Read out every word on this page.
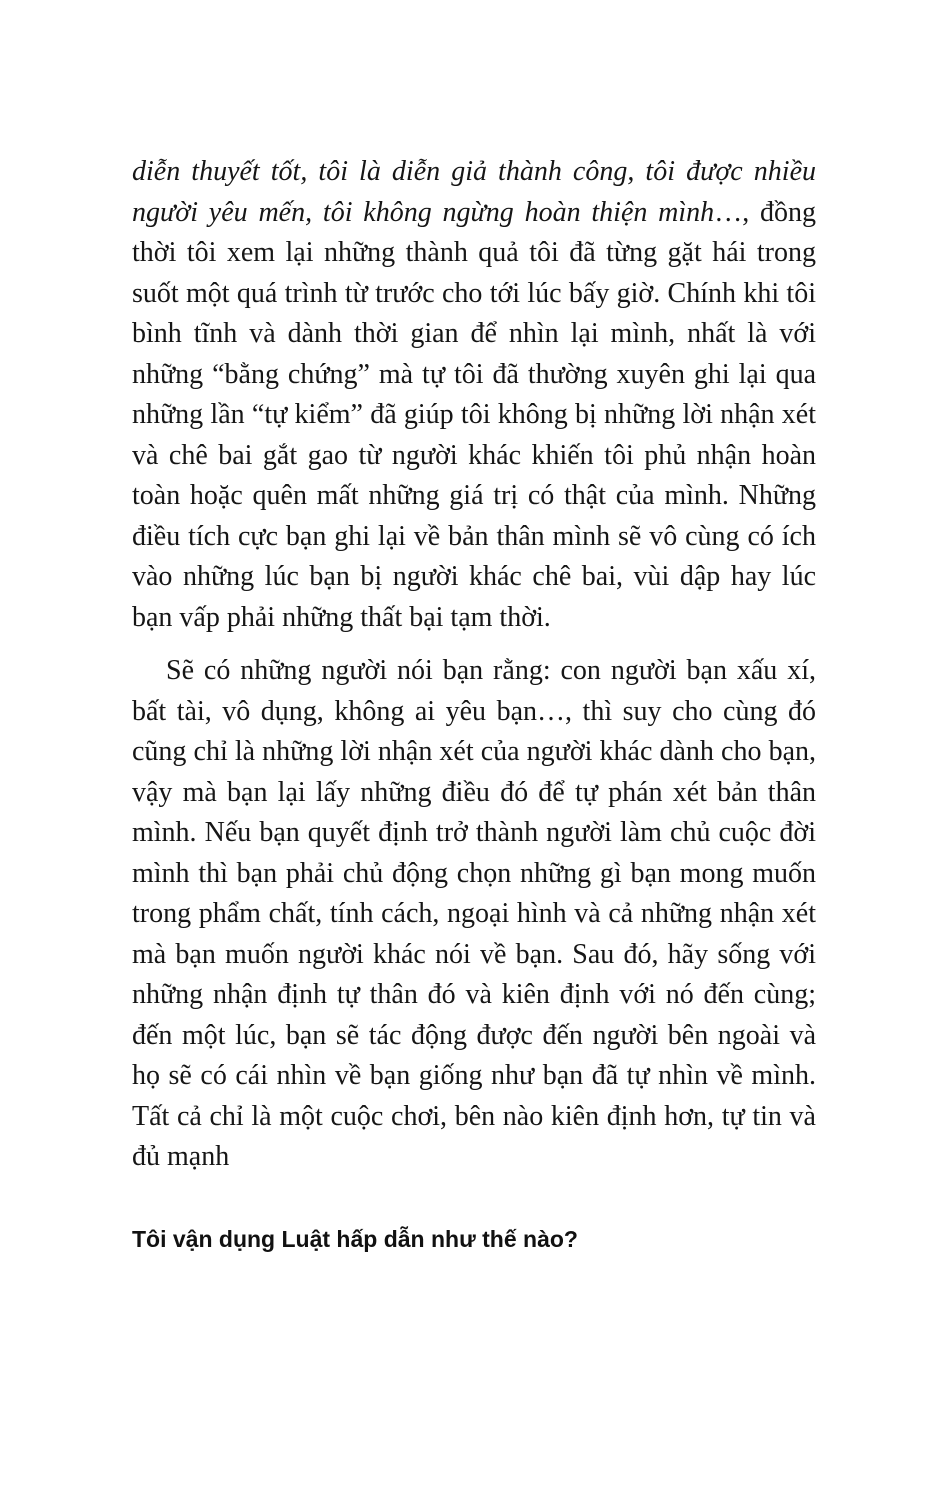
diễn thuyết tốt, tôi là diễn giả thành công, tôi được nhiều người yêu mến, tôi không ngừng hoàn thiện mình…, đồng thời tôi xem lại những thành quả tôi đã từng gặt hái trong suốt một quá trình từ trước cho tới lúc bấy giờ. Chính khi tôi bình tĩnh và dành thời gian để nhìn lại mình, nhất là với những “bằng chứng” mà tự tôi đã thường xuyên ghi lại qua những lần “tự kiểm” đã giúp tôi không bị những lời nhận xét và chê bai gắt gao từ người khác khiến tôi phủ nhận hoàn toàn hoặc quên mất những giá trị có thật của mình. Những điều tích cực bạn ghi lại về bản thân mình sẽ vô cùng có ích vào những lúc bạn bị người khác chê bai, vùi dập hay lúc bạn vấp phải những thất bại tạm thời.

Sẽ có những người nói bạn rằng: con người bạn xấu xí, bất tài, vô dụng, không ai yêu bạn…, thì suy cho cùng đó cũng chỉ là những lời nhận xét của người khác dành cho bạn, vậy mà bạn lại lấy những điều đó để tự phán xét bản thân mình. Nếu bạn quyết định trở thành người làm chủ cuộc đời mình thì bạn phải chủ động chọn những gì bạn mong muốn trong phẩm chất, tính cách, ngoại hình và cả những nhận xét mà bạn muốn người khác nói về bạn. Sau đó, hãy sống với những nhận định tự thân đó và kiên định với nó đến cùng; đến một lúc, bạn sẽ tác động được đến người bên ngoài và họ sẽ có cái nhìn về bạn giống như bạn đã tự nhìn về mình. Tất cả chỉ là một cuộc chơi, bên nào kiên định hơn, tự tin và đủ mạnh

Tôi vận dụng Luật hấp dẫn như thế nào?
